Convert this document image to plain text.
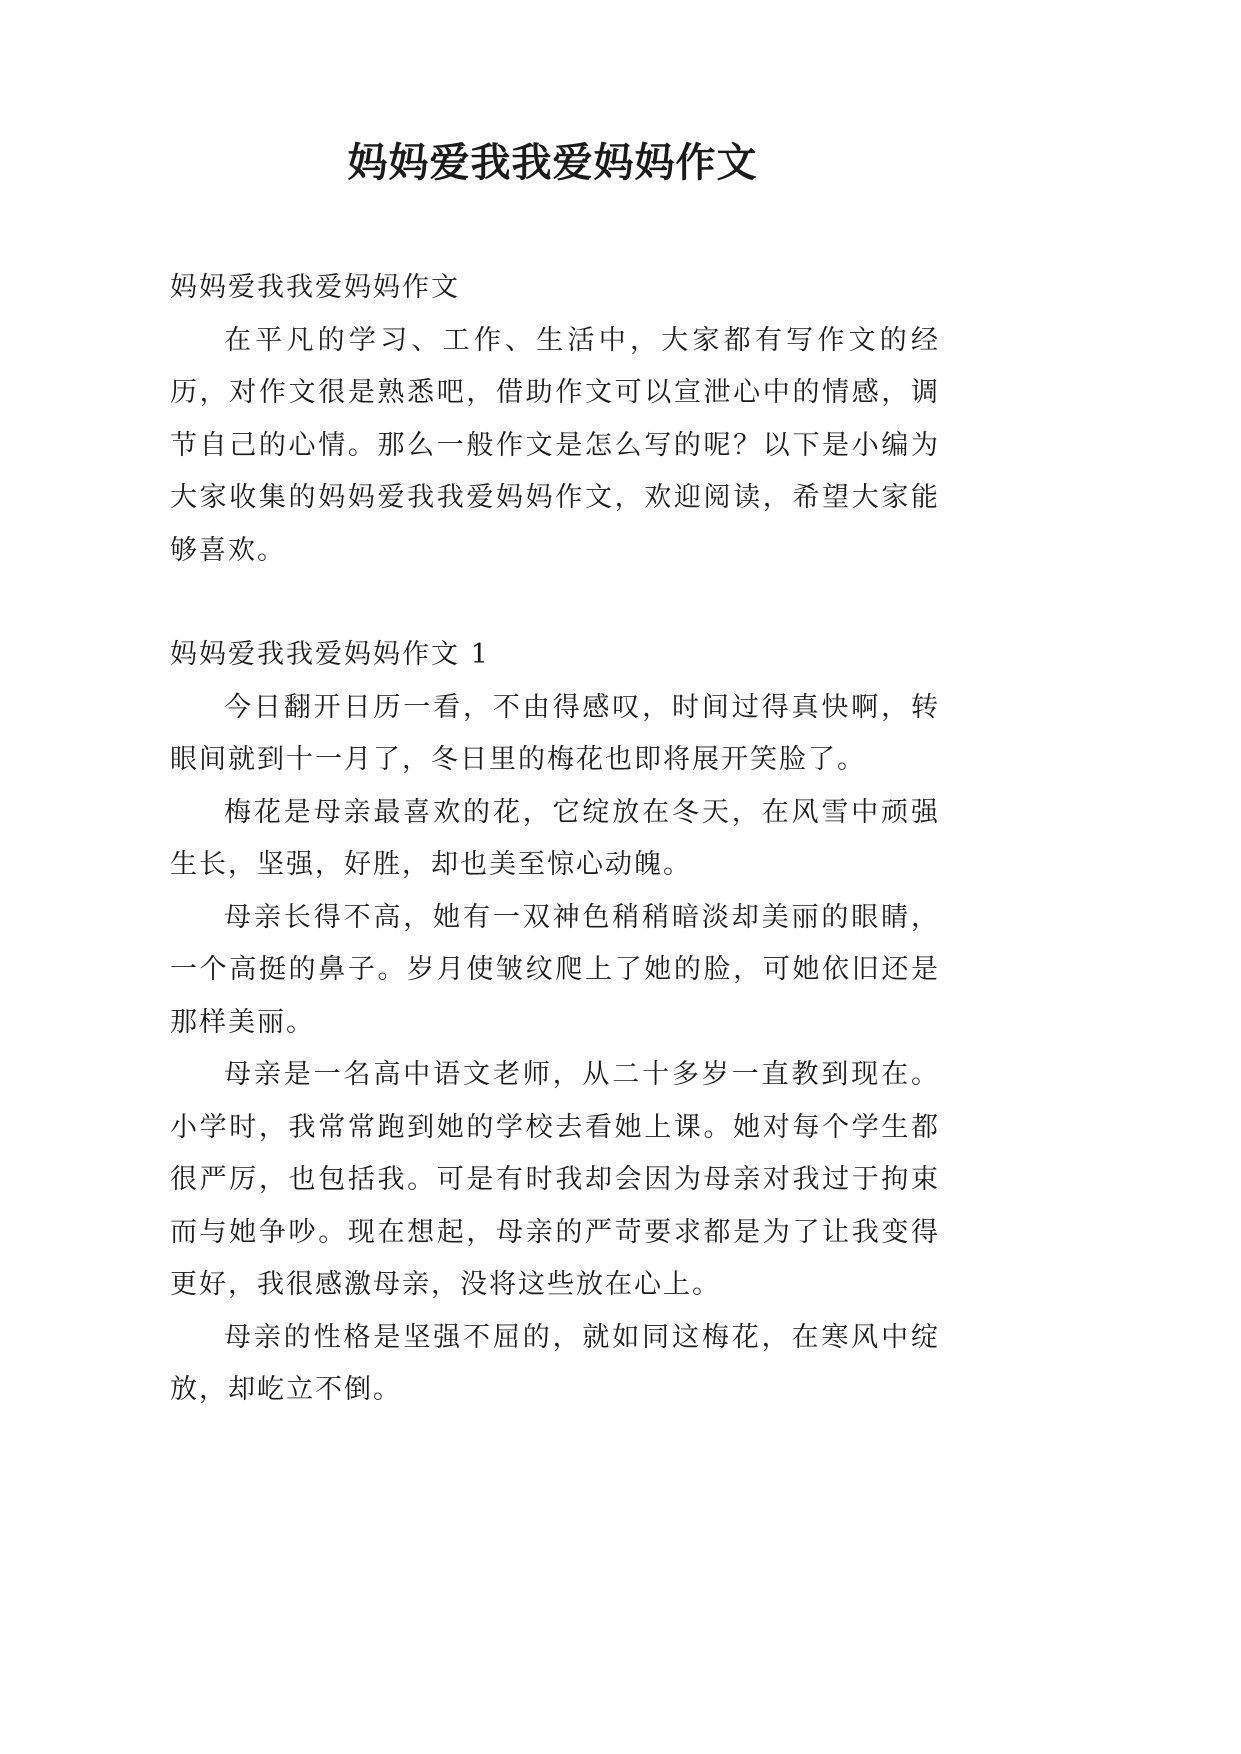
妈妈爱我我爱妈妈作文

妈妈爱我我爱妈妈作文

在平凡的学习、工作、生活中，大家都有写作文的经历，对作文很是熟悉吧，借助作文可以宣泄心中的情感，调节自己的心情。那么一般作文是怎么写的呢？以下是小编为大家收集的妈妈爱我我爱妈妈作文，欢迎阅读，希望大家能够喜欢。

妈妈爱我我爱妈妈作文 1

今日翻开日历一看，不由得感叹，时间过得真快啊，转眼间就到十一月了，冬日里的梅花也即将展开笑脸了。

梅花是母亲最喜欢的花，它绽放在冬天，在风雪中顽强生长，坚强，好胜，却也美至惊心动魄。

母亲长得不高，她有一双神色稍稍暗淡却美丽的眼睛，一个高挺的鼻子。岁月使皱纹爬上了她的脸，可她依旧还是那样美丽。

母亲是一名高中语文老师，从二十多岁一直教到现在。小学时，我常常跑到她的学校去看她上课。她对每个学生都很严厉，也包括我。可是有时我却会因为母亲对我过于拘束而与她争吵。现在想起，母亲的严苛要求都是为了让我变得更好，我很感激母亲，没将这些放在心上。

母亲的性格是坚强不屈的，就如同这梅花，在寒风中绽放，却屹立不倒。
